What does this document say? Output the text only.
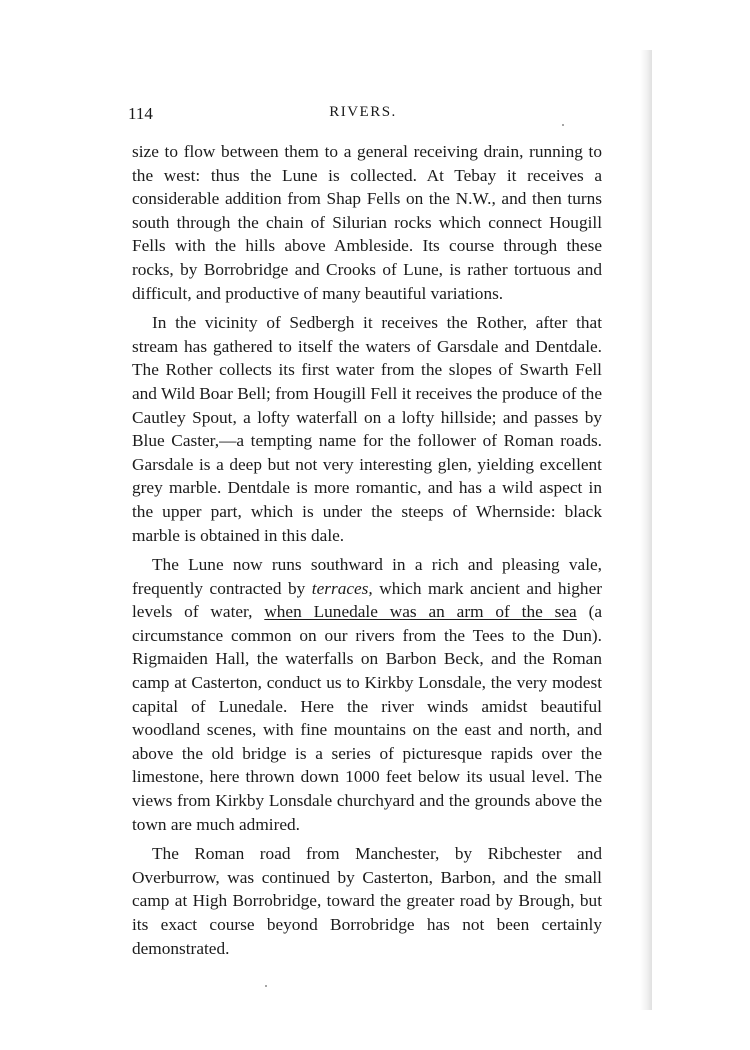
114	RIVERS.

size to flow between them to a general receiving drain, running to the west: thus the Lune is collected. At Tebay it receives a considerable addition from Shap Fells on the N.W., and then turns south through the chain of Silurian rocks which connect Hougill Fells with the hills above Ambleside. Its course through these rocks, by Borrobridge and Crooks of Lune, is rather tortuous and difficult, and productive of many beautiful variations.

In the vicinity of Sedbergh it receives the Rother, after that stream has gathered to itself the waters of Garsdale and Dentdale. The Rother collects its first water from the slopes of Swarth Fell and Wild Boar Bell; from Hougill Fell it receives the produce of the Cautley Spout, a lofty waterfall on a lofty hillside; and passes by Blue Caster,—a tempting name for the follower of Roman roads. Garsdale is a deep but not very interesting glen, yielding excellent grey marble. Dentdale is more romantic, and has a wild aspect in the upper part, which is under the steeps of Whernside: black marble is obtained in this dale.

The Lune now runs southward in a rich and pleasing vale, frequently contracted by terraces, which mark ancient and higher levels of water, when Lunedale was an arm of the sea (a circumstance common on our rivers from the Tees to the Dun). Rigmaiden Hall, the waterfalls on Barbon Beck, and the Roman camp at Casterton, conduct us to Kirkby Lonsdale, the very modest capital of Lunedale. Here the river winds amidst beautiful woodland scenes, with fine mountains on the east and north, and above the old bridge is a series of picturesque rapids over the limestone, here thrown down 1000 feet below its usual level. The views from Kirkby Lonsdale churchyard and the grounds above the town are much admired.

The Roman road from Manchester, by Ribchester and Overburrow, was continued by Casterton, Barbon, and the small camp at High Borrobridge, toward the greater road by Brough, but its exact course beyond Borrobridge has not been certainly demonstrated.
